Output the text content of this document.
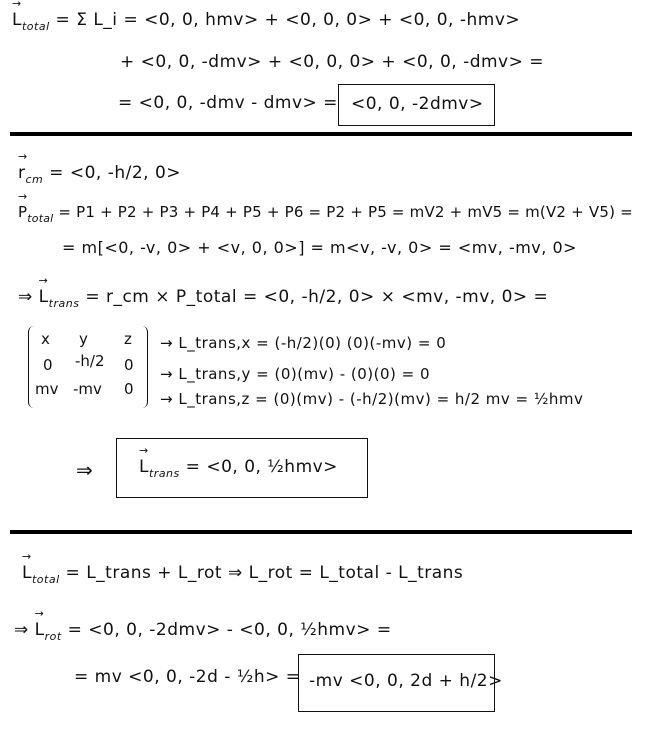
→ $L_{total} = \Sigma$ L_i = <0, 0, hmv> + <0, 0, 0> + <0, 0, -hmv>
+ <0, 0, -dmv> + <0, 0, 0> + <0, 0, -dmv> =
= <0, 0, -dmv - dmv> = <0, 0, -2dmv>
→ $r_{cm} = <0$, -h/2, 0>
→ $P_{total} = P1 + P2 + P3 + P4 + P5 + P6 = P2 + P5 = mV2 + mV5 = m(V2 + V5)$ =
= m[<0, -v, 0> + <v, 0, 0>] = m<v, -v, 0> = <mv, -mv, 0>
⇒ → $L_{trans}$ = r_cm × P_total = <0, -h/2, 0> × <mv, -mv, 0> =
x y z
0 -h/2 0
mv -mv 0
→ L_trans,x = (-h/2)(0) (0)(-mv) = 0
→ L_trans,y = (0)(mv) - (0)(0) = 0
→ L_trans,z = (0)(mv) - (-h/2)(mv) = h/2 mv = ½hmv
⇒	→ $L_{trans} = <0$, 0, ½hmv>
→ $L_{total}$ = L_trans + L_rot ⇒ L_rot = L_total - L_trans
⇒ → $L_{rot} = <0$, 0, -2dmv> - <0, 0, ½hmv> =
= mv <0, 0, -2d - ½h> = -mv <0, 0, 2d + h/2>
